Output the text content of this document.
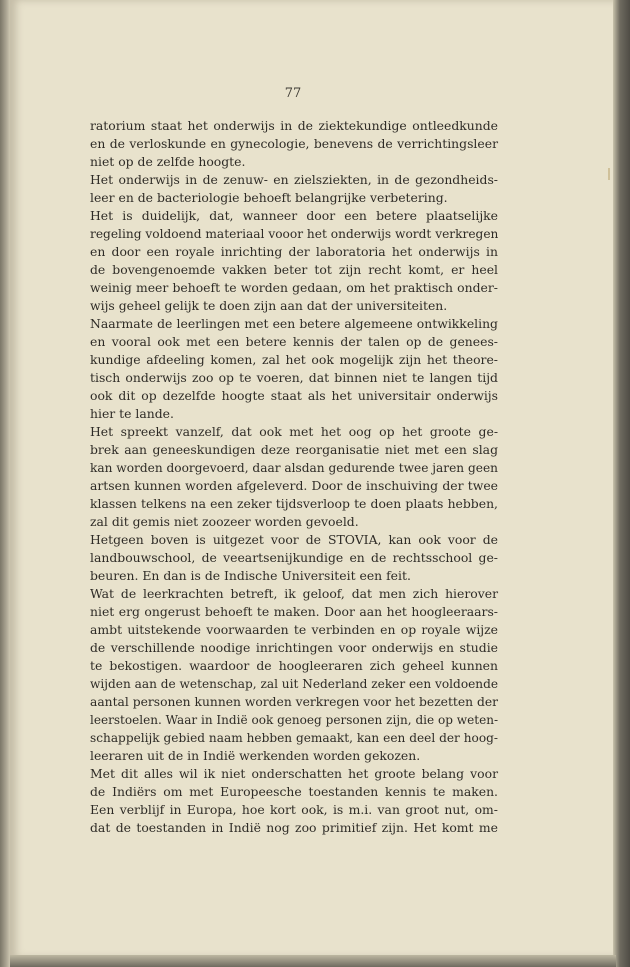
77
ratorium staat het onderwijs in de ziektekundige ontleedkunde
en de verloskunde en gynecologie, benevens de verrichtingsleer
niet op de zelfde hoogte.
Het onderwijs in de zenuw- en zielsziekten, in de gezondheids-
leer en de bacteriologie behoeft belangrijke verbetering.
Het is duidelijk, dat, wanneer door een betere plaatselijke
regeling voldoend materiaal vooor het onderwijs wordt verkregen
en door een royale inrichting der laboratoria het onderwijs in
de bovengenoemde vakken beter tot zijn recht komt, er heel
weinig meer behoeft te worden gedaan, om het praktisch onder-
wijs geheel gelijk te doen zijn aan dat der universiteiten.
Naarmate de leerlingen met een betere algemeene ontwikkeling
en vooral ook met een betere kennis der talen op de genees-
kundige afdeeling komen, zal het ook mogelijk zijn het theore-
tisch onderwijs zoo op te voeren, dat binnen niet te langen tijd
ook dit op dezelfde hoogte staat als het universitair onderwijs
hier te lande.
Het spreekt vanzelf, dat ook met het oog op het groote ge-
brek aan geneeskundigen deze reorganisatie niet met een slag
kan worden doorgevoerd, daar alsdan gedurende twee jaren geen
artsen kunnen worden afgeleverd. Door de inschuiving der twee
klassen telkens na een zeker tijdsverloop te doen plaats hebben,
zal dit gemis niet zoozeer worden gevoeld.
Hetgeen boven is uitgezet voor de STOVIA, kan ook voor de
landbouwschool, de veeartsenijkundige en de rechtsschool ge-
beuren. En dan is de Indische Universiteit een feit.
Wat de leerkrachten betreft, ik geloof, dat men zich hierover
niet erg ongerust behoeft te maken. Door aan het hoogleeraars-
ambt uitstekende voorwaarden te verbinden en op royale wijze
de verschillende noodige inrichtingen voor onderwijs en studie
te bekostigen. waardoor de hoogleeraren zich geheel kunnen
wijden aan de wetenschap, zal uit Nederland zeker een voldoende
aantal personen kunnen worden verkregen voor het bezetten der
leerstoelen. Waar in Indië ook genoeg personen zijn, die op weten-
schappelijk gebied naam hebben gemaakt, kan een deel der hoog-
leeraren uit de in Indië werkenden worden gekozen.
Met dit alles wil ik niet onderschatten het groote belang voor
de Indiërs om met Europeesche toestanden kennis te maken.
Een verblijf in Europa, hoe kort ook, is m.i. van groot nut, om-
dat de toestanden in Indië nog zoo primitief zijn. Het komt me
